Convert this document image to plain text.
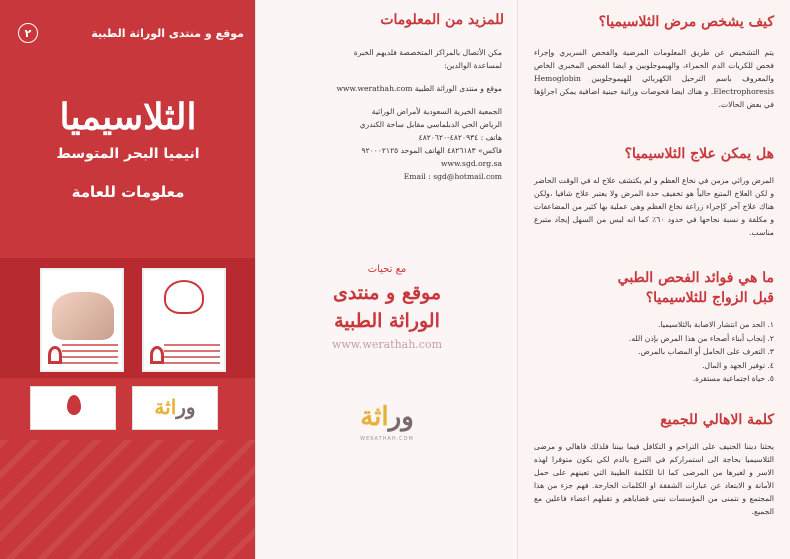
موقع و منتدى الوراثة الطبية
٢
الثلاسيميا
انيميا البحر المتوسط
معلومات للعامة
وراثة
للمزيد من المعلومات
مكن الأتصال بالمراكز المتخصصة فلديهم الخبرة
لمساعدة الوالدين:
موقع و منتدى الوراثة الطبية www.werathah.com
الجمعية الخيرية السعودية لأمراض الوراثية
الرياض الحي الدبلماسي مقابل ساحة الكندري
هاتف : ٤٨٢٠٩٣٤-٤٨٢٠٦٢٠
فاكس» ٤٨٢٦١٨٣ الهاتف الموحد ٩٢٠٠٠٢١٢٥
www.sgd.org.sa
Email : sgd@hotmail.com
مع تحيات
موقع و منتدى
الوراثة الطبية
www.werathah.com
وراثة
WERATHAH.COM
كيف يشخص مرض الثلاسيميا؟
يتم التشخيص عن طريق المعلومات المرضية والفحص السريري وإجراء فحص للكريات الدم الحمراء، والهيموجلوبين و ايضا الفحص المخبري الخاص والمعروف باسم الترحيل الكهربائي للهيموجلوبين Hemoglobin Electrophoresis. و هناك ايضا فحوصات وراثية جينية اضافية يمكن اجراؤها في بعض الحالات.
هل يمكن علاج الثلاسيميا؟
المرض وراثي مزمن في نخاع العظم و لم يكتشف علاج له في الوقت الحاضر و لكن العلاج المتبع حالياً هو تخفيف حدة المرض ولا يعتبر علاج شافيا ،ولكن هناك علاج آخر كإجراء زراعة نخاع العظم وهي عملية بها كثير من المضاعفات و مكلفة و نسبة نجاحها في حدود ٦٠٪ كما انه ليس من السهل إيجاد متبرع مناسب.
ما هي فوائد الفحص الطبي
قبل الزواج للثلاسيميا؟
١. الحد من انتشار الاصابة بالثلاسيميا.
٢. إنجاب أبناء أصحاء من هذا المرض بإذن الله.
٣. التعرف على الحامل أو المصاب بالمرض.
٤. توفير الجهد و المال.
٥. حياة اجتماعية مستقرة.
كلمة الاهالي للجميع
يحثنا ديننا الحنيف على التراحم و التكافل فيما بيننا فلذلك فاهالي و مرضى الثلاسيميا بحاجة الى استمراركم في التبرع بالدم لكي يكون متوفرا لهذه الاسر و لغيرها من المرضى كما انا للكلمة الطيبة التي تعينهم على حمل الأمانة و الابتعاد عن عبارات الشفقة او الكلمات الجارحة. فهم جزء من هذا المجتمع و نتمنى من المؤسسات تبني قضاياهم و تقبلهم اعضاء فاعلين مع الجميع.
